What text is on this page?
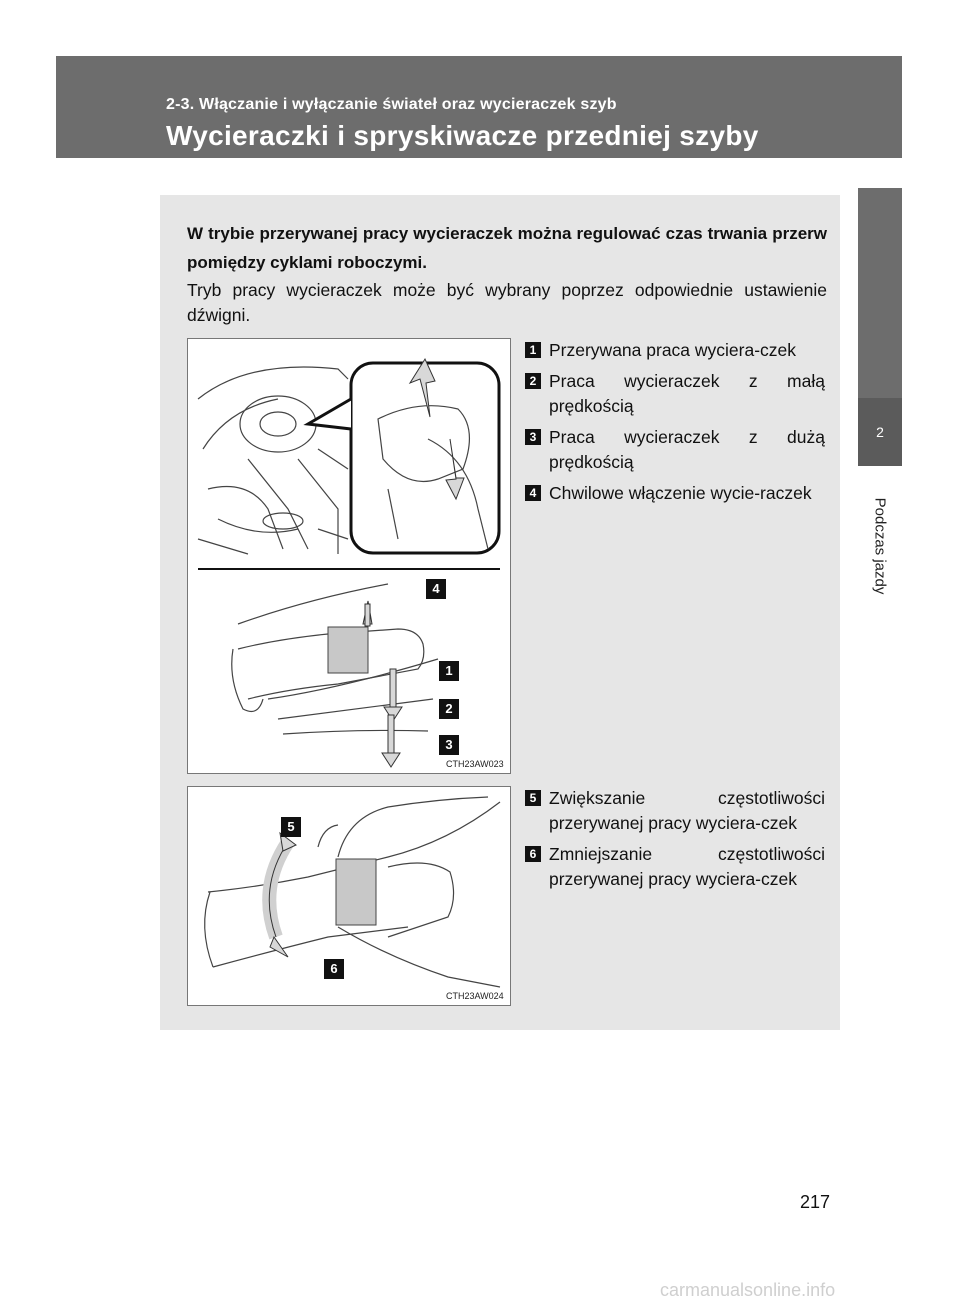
2-3. Włączanie i wyłączanie świateł oraz wycieraczek szyb
Wycieraczki i spryskiwacze przedniej szyby
2
Podczas jazdy
W trybie przerywanej pracy wycieraczek można regulować czas trwania przerw pomiędzy cyklami roboczymi.
Tryb pracy wycieraczek może być wybrany poprzez odpowiednie ustawienie dźwigni.
4
1
2
3
CTH23AW023
1 Przerywana praca wyciera-czek
2 Praca wycieraczek z małą prędkością
3 Praca wycieraczek z dużą prędkością
4 Chwilowe włączenie wycie-raczek
5
6
CTH23AW024
5 Zwiększanie częstotliwości przerywanej pracy wyciera-czek
6 Zmniejszanie częstotliwości przerywanej pracy wyciera-czek
217
carmanualsonline.info
